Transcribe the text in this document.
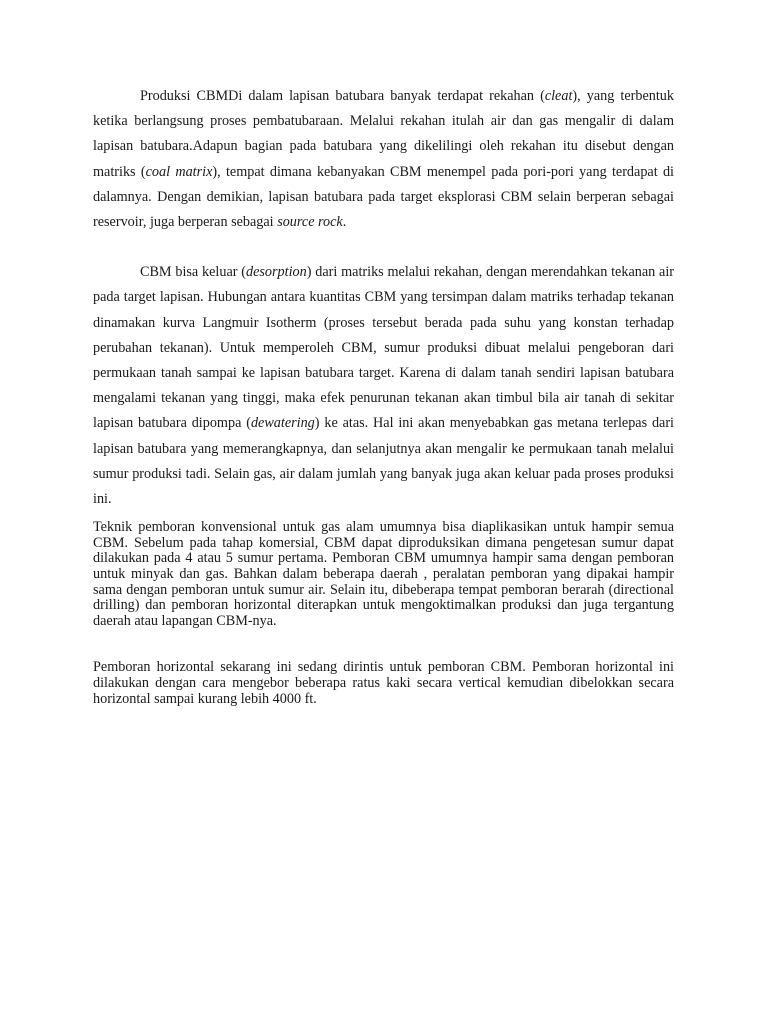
Produksi CBMDi dalam lapisan batubara banyak terdapat rekahan (cleat), yang terbentuk ketika berlangsung proses pembatubaraan. Melalui rekahan itulah air dan gas mengalir di dalam lapisan batubara.Adapun bagian pada batubara yang dikelilingi oleh rekahan itu disebut dengan matriks (coal matrix), tempat dimana kebanyakan CBM menempel pada pori-pori yang terdapat di dalamnya. Dengan demikian, lapisan batubara pada target eksplorasi CBM selain berperan sebagai reservoir, juga berperan sebagai source rock.

CBM bisa keluar (desorption) dari matriks melalui rekahan, dengan merendahkan tekanan air pada target lapisan. Hubungan antara kuantitas CBM yang tersimpan dalam matriks terhadap tekanan dinamakan kurva Langmuir Isotherm (proses tersebut berada pada suhu yang konstan terhadap perubahan tekanan). Untuk memperoleh CBM, sumur produksi dibuat melalui pengeboran dari permukaan tanah sampai ke lapisan batubara target. Karena di dalam tanah sendiri lapisan batubara mengalami tekanan yang tinggi, maka efek penurunan tekanan akan timbul bila air tanah di sekitar lapisan batubara dipompa (dewatering) ke atas. Hal ini akan menyebabkan gas metana terlepas dari lapisan batubara yang memerangkapnya, dan selanjutnya akan mengalir ke permukaan tanah melalui sumur produksi tadi. Selain gas, air dalam jumlah yang banyak juga akan keluar pada proses produksi ini.

Teknik pemboran konvensional untuk gas alam umumnya bisa diaplikasikan untuk hampir semua CBM. Sebelum pada tahap komersial, CBM dapat diproduksikan dimana pengetesan sumur dapat dilakukan pada 4 atau 5 sumur pertama. Pemboran CBM umumnya hampir sama dengan pemboran untuk minyak dan gas. Bahkan dalam beberapa daerah , peralatan pemboran yang dipakai hampir sama dengan pemboran untuk sumur air. Selain itu, dibeberapa tempat pemboran berarah (directional drilling) dan pemboran horizontal diterapkan untuk mengoktimalkan produksi dan juga tergantung daerah atau lapangan CBM-nya.

Pemboran horizontal sekarang ini sedang dirintis untuk pemboran CBM. Pemboran horizontal ini dilakukan dengan cara mengebor beberapa ratus kaki secara vertical kemudian dibelokkan secara horizontal sampai kurang lebih 4000 ft.
